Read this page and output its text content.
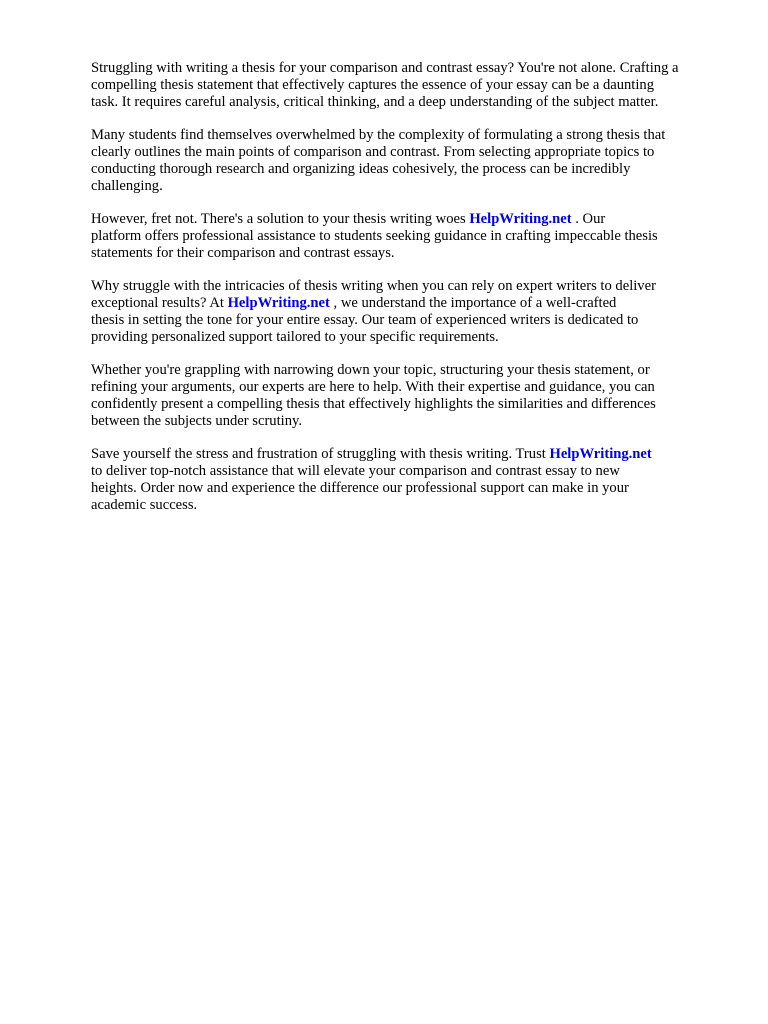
Struggling with writing a thesis for your comparison and contrast essay? You're not alone. Crafting a
compelling thesis statement that effectively captures the essence of your essay can be a daunting
task. It requires careful analysis, critical thinking, and a deep understanding of the subject matter.

Many students find themselves overwhelmed by the complexity of formulating a strong thesis that
clearly outlines the main points of comparison and contrast. From selecting appropriate topics to
conducting thorough research and organizing ideas cohesively, the process can be incredibly
challenging.

However, fret not. There's a solution to your thesis writing woes HelpWriting.net . Our
platform offers professional assistance to students seeking guidance in crafting impeccable thesis
statements for their comparison and contrast essays.

Why struggle with the intricacies of thesis writing when you can rely on expert writers to deliver
exceptional results? At HelpWriting.net , we understand the importance of a well-crafted
thesis in setting the tone for your entire essay. Our team of experienced writers is dedicated to
providing personalized support tailored to your specific requirements.

Whether you're grappling with narrowing down your topic, structuring your thesis statement, or
refining your arguments, our experts are here to help. With their expertise and guidance, you can
confidently present a compelling thesis that effectively highlights the similarities and differences
between the subjects under scrutiny.

Save yourself the stress and frustration of struggling with thesis writing. Trust HelpWriting.net
to deliver top-notch assistance that will elevate your comparison and contrast essay to new
heights. Order now and experience the difference our professional support can make in your
academic success.
